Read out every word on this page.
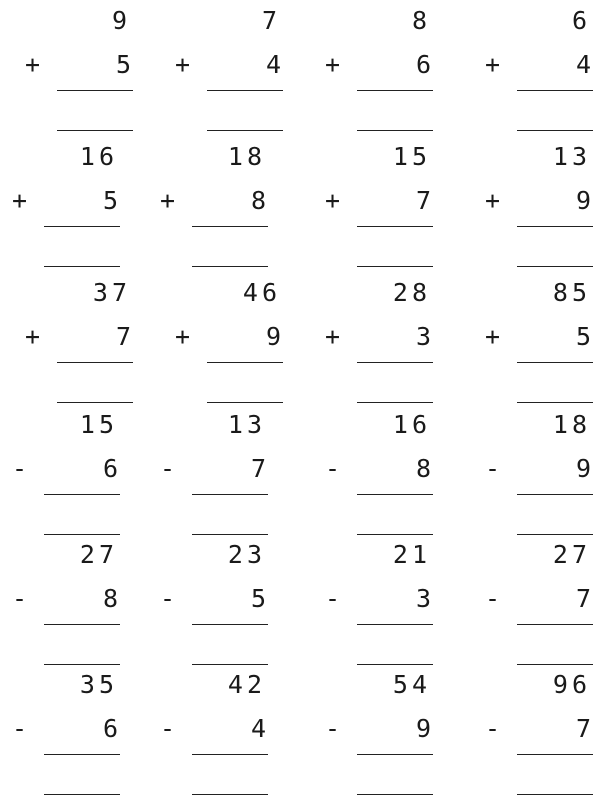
9
+	5
7
+	4
8
+	6
6
+	4
16
+	5
18
+	8
15
+	7
13
+	9
37
+	7
46
+	9
28
+	3
85
+	5
15
-	6
13
-	7
16
-	8
18
-	9
27
-	8
23
-	5
21
-	3
27
-	7
35
-	6
42
-	4
54
-	9
96
-	7
